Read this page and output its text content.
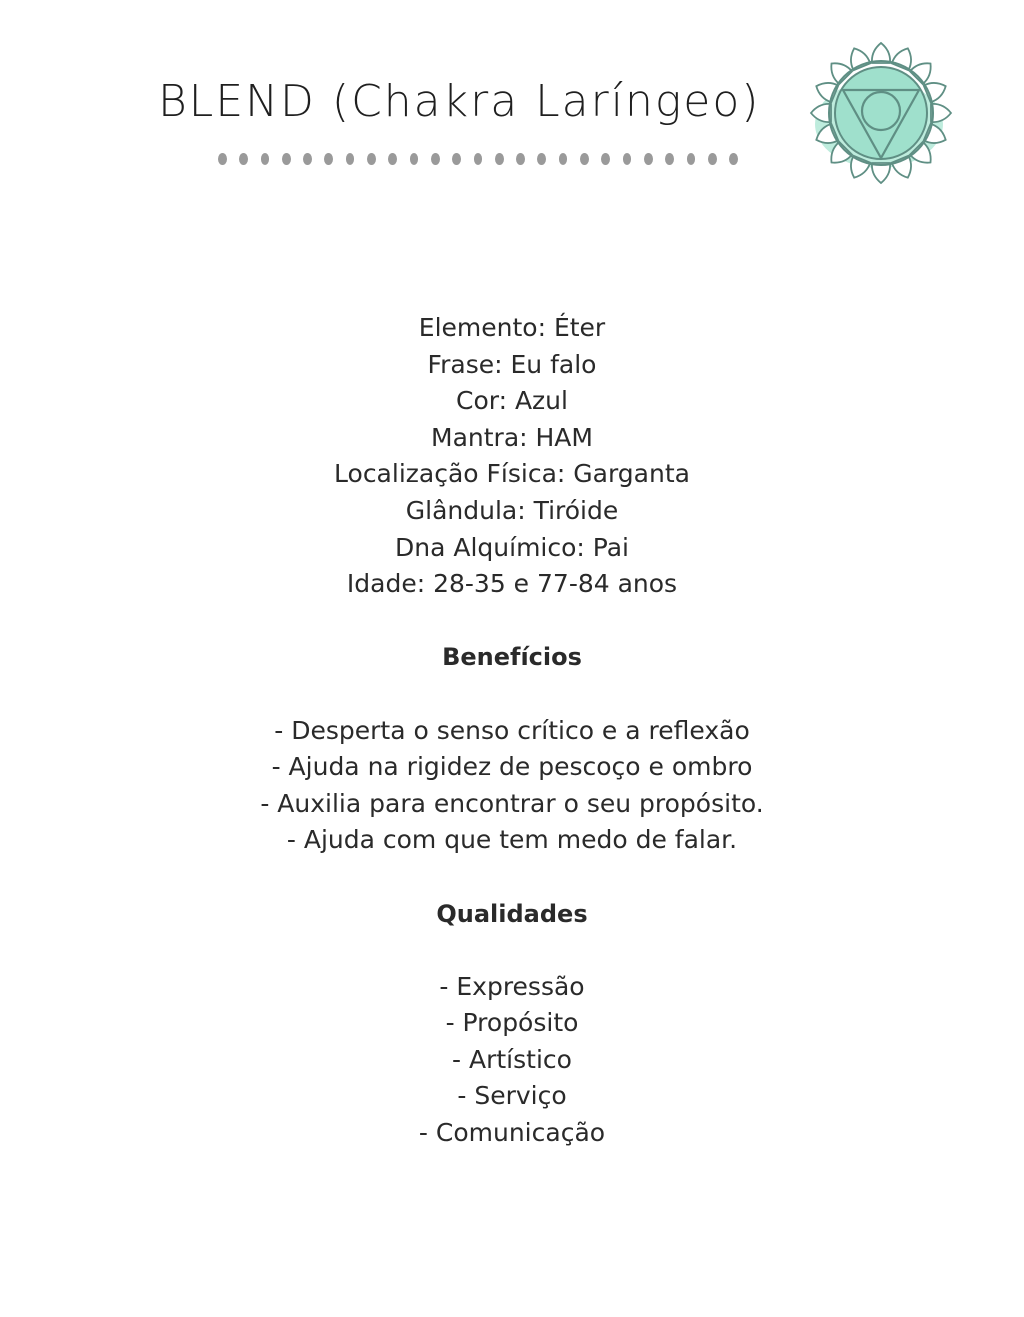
BLEND (Chakra Laríngeo)
Elemento: Éter
Frase: Eu falo
Cor: Azul
Mantra: HAM
Localização Física: Garganta
Glândula: Tiróide
Dna Alquímico: Pai
Idade: 28-35 e 77-84 anos
Benefícios
- Desperta o senso crítico e a reflexão
- Ajuda na rigidez de pescoço e ombro
- Auxilia para encontrar o seu propósito.
- Ajuda com que tem medo de falar.
Qualidades
- Expressão
- Propósito
- Artístico
- Serviço
- Comunicação
